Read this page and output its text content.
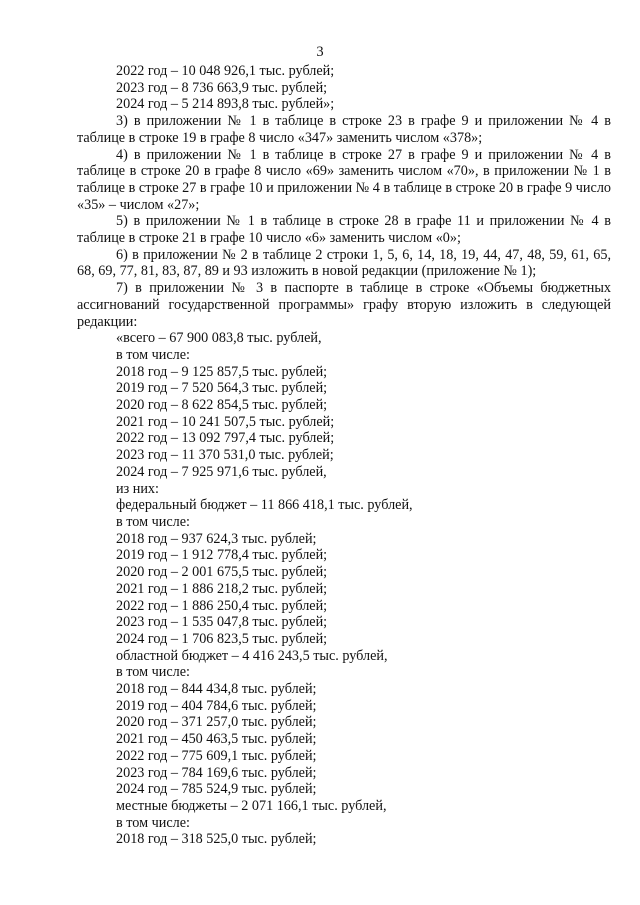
3

2022 год – 10 048 926,1 тыс. рублей;

2023 год – 8 736 663,9 тыс. рублей;

2024 год – 5 214 893,8 тыс. рублей»;

3) в приложении № 1 в таблице в строке 23 в графе 9 и приложении № 4 в таблице в строке 19 в графе 8 число «347» заменить числом «378»;

4) в приложении № 1 в таблице в строке 27 в графе 9 и приложении № 4 в таблице в строке 20 в графе 8 число «69» заменить числом «70», в приложении № 1 в таблице в строке 27 в графе 10 и приложении № 4 в таблице в строке 20 в графе 9 число «35» – числом «27»;

5) в приложении № 1 в таблице в строке 28 в графе 11 и приложении № 4 в таблице в строке 21 в графе 10 число «6» заменить числом «0»;

6) в приложении № 2 в таблице 2 строки 1, 5, 6, 14, 18, 19, 44, 47, 48, 59, 61, 65, 68, 69, 77, 81, 83, 87, 89 и 93 изложить в новой редакции (приложение № 1);

7) в приложении № 3 в паспорте в таблице в строке «Объемы бюджетных ассигнований государственной программы» графу вторую изложить в следующей редакции:

«всего – 67 900 083,8 тыс. рублей,

в том числе:

2018 год – 9 125 857,5 тыс. рублей;

2019 год – 7 520 564,3 тыс. рублей;

2020 год – 8 622 854,5 тыс. рублей;

2021 год – 10 241 507,5 тыс. рублей;

2022 год – 13 092 797,4 тыс. рублей;

2023 год – 11 370 531,0 тыс. рублей;

2024 год – 7 925 971,6 тыс. рублей,

из них:

федеральный бюджет – 11 866 418,1 тыс. рублей,

в том числе:

2018 год – 937 624,3 тыс. рублей;

2019 год – 1 912 778,4 тыс. рублей;

2020 год – 2 001 675,5 тыс. рублей;

2021 год – 1 886 218,2 тыс. рублей;

2022 год – 1 886 250,4 тыс. рублей;

2023 год – 1 535 047,8 тыс. рублей;

2024 год – 1 706 823,5 тыс. рублей;

областной бюджет – 4 416 243,5 тыс. рублей,

в том числе:

2018 год – 844 434,8 тыс. рублей;

2019 год – 404 784,6 тыс. рублей;

2020 год – 371 257,0 тыс. рублей;

2021 год – 450 463,5 тыс. рублей;

2022 год – 775 609,1 тыс. рублей;

2023 год – 784 169,6 тыс. рублей;

2024 год – 785 524,9 тыс. рублей;

местные бюджеты – 2 071 166,1 тыс. рублей,

в том числе:

2018 год – 318 525,0 тыс. рублей;
